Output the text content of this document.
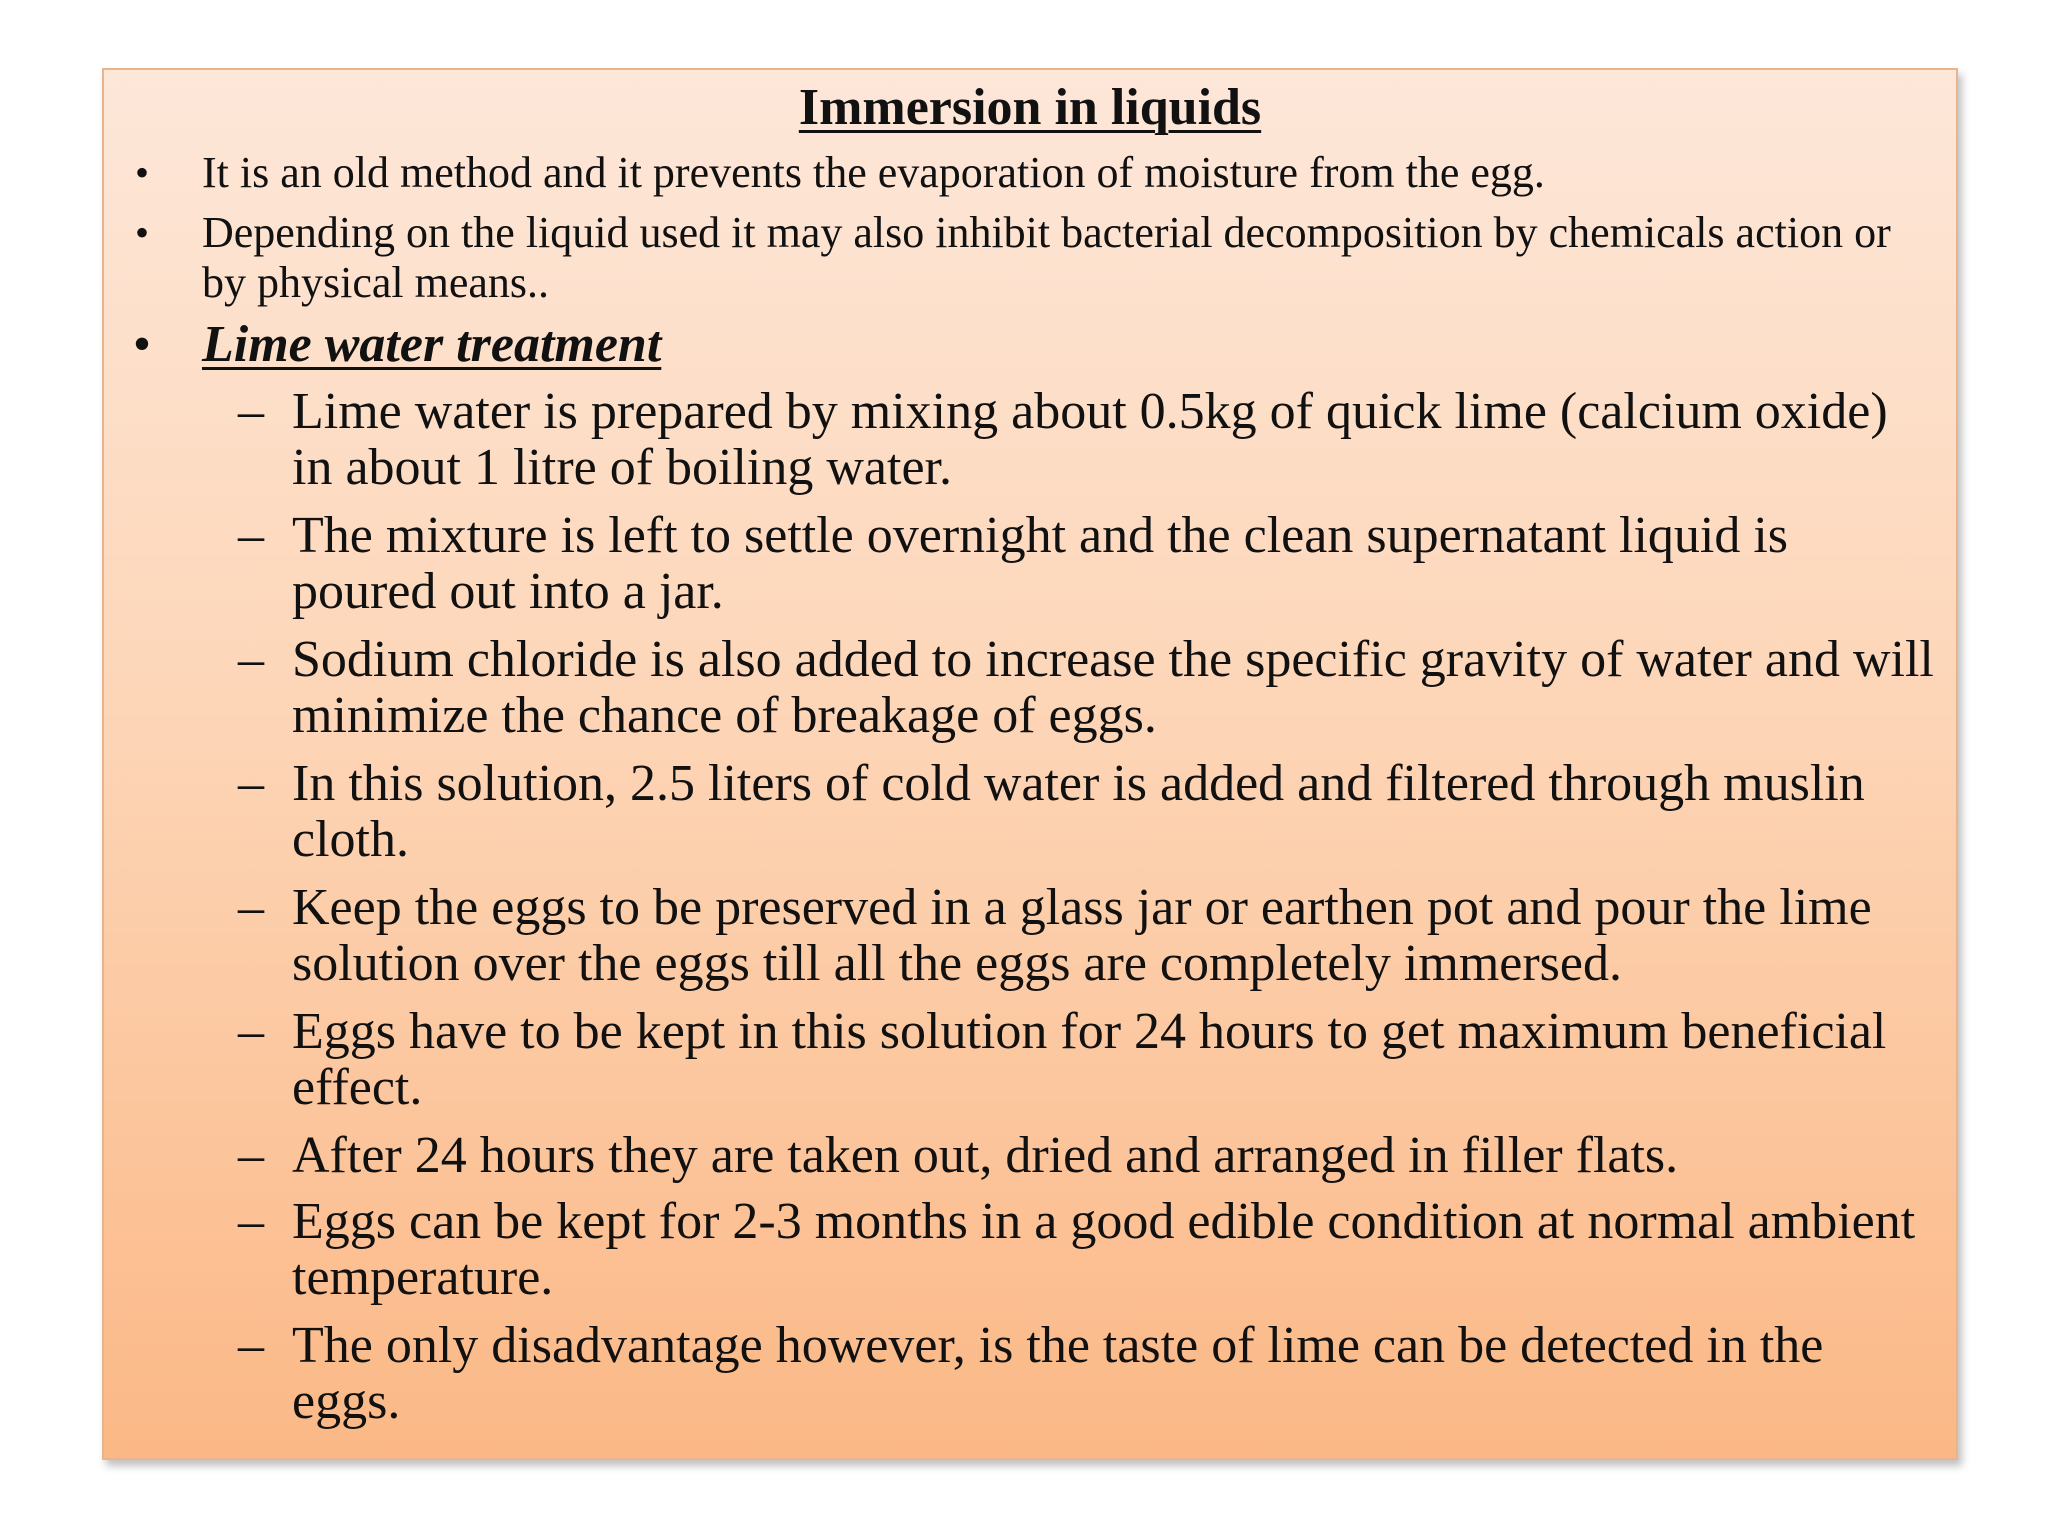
Immersion in liquids
• It is an old method and it prevents the evaporation of moisture from the egg.
• Depending on the liquid used it may also inhibit bacterial decomposition by chemicals action or by physical means..
• Lime water treatment
– Lime water is prepared by mixing about 0.5kg of quick lime (calcium oxide) in about 1 litre of boiling water.
– The mixture is left to settle overnight and the clean supernatant liquid is poured out into a jar.
– Sodium chloride is also added to increase the specific gravity of water and will minimize the chance of breakage of eggs.
– In this solution, 2.5 liters of cold water is added and filtered through muslin cloth.
– Keep the eggs to be preserved in a glass jar or earthen pot and pour the lime solution over the eggs till all the eggs are completely immersed.
– Eggs have to be kept in this solution for 24 hours to get maximum beneficial effect.
– After 24 hours they are taken out, dried and arranged in filler flats.
– Eggs can be kept for 2-3 months in a good edible condition at normal ambient temperature.
– The only disadvantage however, is the taste of lime can be detected in the eggs.
